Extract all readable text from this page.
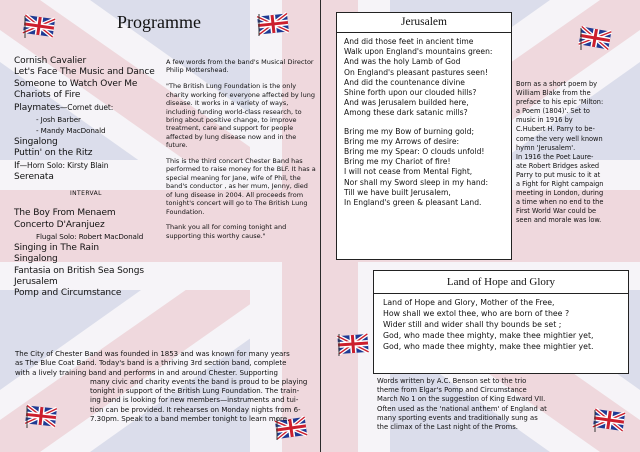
Programme
Cornish Cavalier
Let's Face The Music and Dance
Someone to Watch Over Me
Chariots of Fire
Playmates—Cornet duet:
- Josh Barber
- Mandy MacDonald
Singalong
Puttin' on the Ritz
If—Horn Solo: Kirsty Blain
Serenata
INTERVAL
The Boy From Menaem
Concerto D'Aranjuez
Flugal Solo: Robert MacDonald
Singing in The Rain
Singalong
Fantasia on British Sea Songs
Jerusalem
Pomp and Circumstance

A few words from the band's Musical Director Philip Mottershead.

"The British Lung Foundation is the only charity working for everyone affected by lung disease. It works in a variety of ways, including funding world-class research, to bring about positive change, to improve treatment, care and support for people affected by lung disease now and in the future.

This is the third concert Chester Band has performed to raise money for the BLF. It has a special meaning for Jane, wife of Phil, the band's conductor , as her mum, Jenny, died of lung disease in 2004. All proceeds from tonight's concert will go to The British Lung Foundation.

Thank you all for coming tonight and supporting this worthy cause."

The City of Chester Band was founded in 1853 and was known for many years
as The Blue Coat Band. Today's band is a thriving 3rd section band, complete
with a lively training band and performs in and around Chester. Supporting
many civic and charity events the band is proud to be playing
tonight in support of the British Lung Foundation. The train-
ing band is looking for new members—instruments and tui-
tion can be provided. It rehearses on Monday nights from 6-
7.30pm. Speak to a band member tonight to learn more.
Jerusalem
And did those feet in ancient time
Walk upon England's mountains green:
And was the holy Lamb of God
On England's pleasant pastures seen!
And did the countenance divine
Shine forth upon our clouded hills?
And was Jerusalem builded here,
Among these dark satanic mills?
Bring me my Bow of burning gold;
Bring me my Arrows of desire:
Bring me my Spear: O clouds unfold!
Bring me my Chariot of fire!
I will not cease from Mental Fight,
Nor shall my Sword sleep in my hand:
Till we have built Jerusalem,
In England's green & pleasant Land.
Born as a short poem by
William Blake from the
preface to his epic 'Milton:
a Poem (1804)'. Set to
music in 1916 by
C.Hubert H. Parry to be-
come the very well known
hymn 'Jerusalem'.
In 1916 the Poet Laure-
ate Robert Bridges asked
Parry to put music to it at
a Fight for Right campaign
meeting in London, during
a time when no end to the
First World War could be
seen and morale was low.
Land of Hope and Glory
Land of Hope and Glory, Mother of the Free,
How shall we extol thee, who are born of thee ?
Wider still and wider shall thy bounds be set ;
God, who made thee mighty, make thee mightier yet,
God, who made thee mighty, make thee mightier yet.
Words written by A.C. Benson set to the trio
theme from Elgar's Pomp and Circumstance
March No 1 on the suggestion of King Edward VII.
Often used as the 'national anthem' of England at
many sporting events and traditionally sung as
the climax of the Last night of the Proms.
